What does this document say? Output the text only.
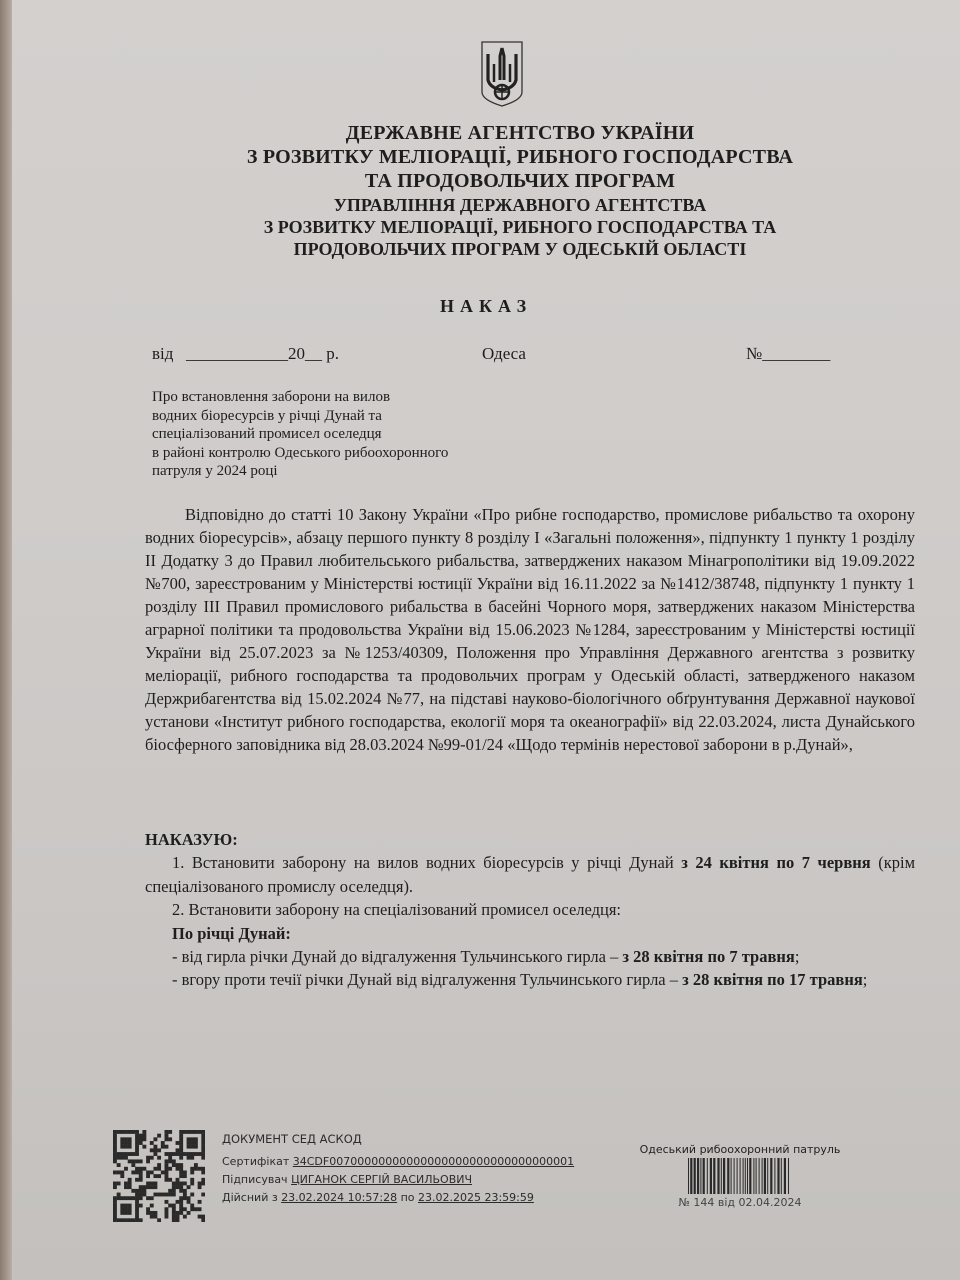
ДЕРЖАВНЕ АГЕНТСТВО УКРАЇНИ
З РОЗВИТКУ МЕЛІОРАЦІЇ, РИБНОГО ГОСПОДАРСТВА
ТА ПРОДОВОЛЬЧИХ ПРОГРАМ
УПРАВЛІННЯ ДЕРЖАВНОГО АГЕНТСТВА
З РОЗВИТКУ МЕЛІОРАЦІЇ, РИБНОГО ГОСПОДАРСТВА ТА
ПРОДОВОЛЬЧИХ ПРОГРАМ У ОДЕСЬКІЙ ОБЛАСТІ
НАКАЗ
від ____________20__ р.	Одеса	№________
Про встановлення заборони на вилов
водних біоресурсів у річці Дунай та
спеціалізований промисел оселедця
в районі контролю Одеського рибоохоронного
патруля у 2024 році

Відповідно до статті 10 Закону України «Про рибне господарство, промислове рибальство та охорону водних біоресурсів», абзацу першого пункту 8 розділу І «Загальні положення», підпункту 1 пункту 1 розділу ІІ Додатку 3 до Правил любительського рибальства, затверджених наказом Мінагрополітики від 19.09.2022 №700, зареєстрованим у Міністерстві юстиції України від 16.11.2022 за №1412/38748, підпункту 1 пункту 1 розділу ІІІ Правил промислового рибальства в басейні Чорного моря, затверджених наказом Міністерства аграрної політики та продовольства України від 15.06.2023 №1284, зареєстрованим у Міністерстві юстиції України від 25.07.2023 за №1253/40309, Положення про Управління Державного агентства з розвитку меліорації, рибного господарства та продовольчих програм у Одеській області, затвердженого наказом Держрибагентства від 15.02.2024 №77, на підставі науково-біологічного обґрунтування Державної наукової установи «Інститут рибного господарства, екології моря та океанографії» від 22.03.2024, листа Дунайського біосферного заповідника від 28.03.2024 №99-01/24 «Щодо термінів нерестової заборони в р.Дунай»,

НАКАЗУЮ:
1. Встановити заборону на вилов водних біоресурсів у річці Дунай з 24 квітня по 7 червня (крім спеціалізованого промислу оселедця).
2. Встановити заборону на спеціалізований промисел оселедця:
По річці Дунай:
- від гирла річки Дунай до відгалуження Тульчинського гирла – з 28 квітня по 7 травня;
- вгору проти течії річки Дунай від відгалуження Тульчинського гирла – з 28 квітня по 17 травня;
ДОКУМЕНТ СЕД АСКОД
Сертифікат 34CDF00700000000000000000000000000000001
Підписувач ЦИГАНОК СЕРГІЙ ВАСИЛЬОВИЧ
Дійсний з 23.02.2024 10:57:28 по 23.02.2025 23:59:59
Одеський рибоохоронний патруль
№ 144 від 02.04.2024
